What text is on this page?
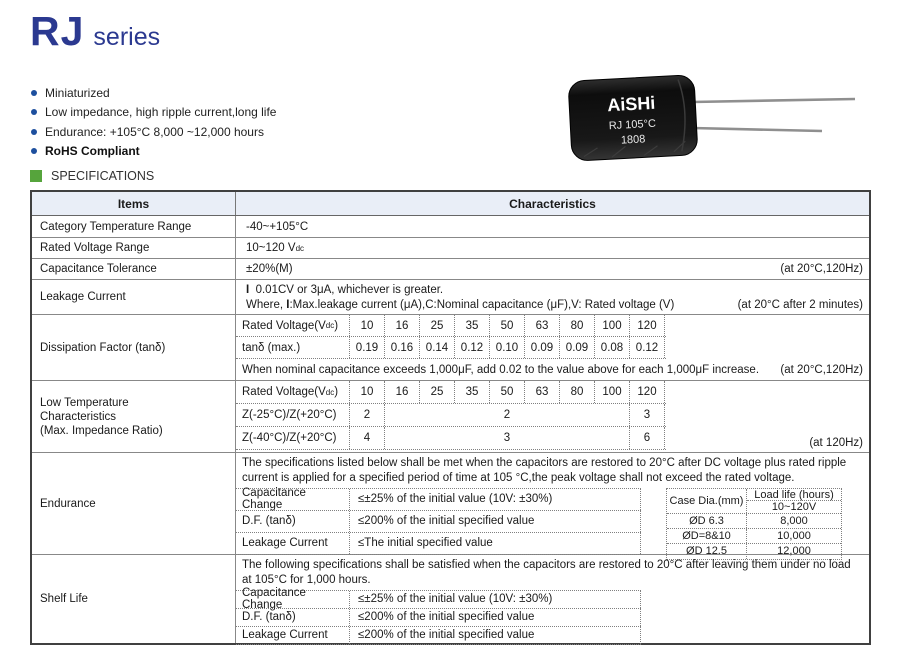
RJ series
Miniaturized
Low impedance, high ripple current,long life
Endurance: +105°C 8,000 ~12,000 hours
RoHS Compliant
AiSHi
RJ 105°C
1808
SPECIFICATIONS
Items	Characteristics
Category Temperature Range	-40~+105°C
Rated Voltage Range	10~120 V dc
Capacitance Tolerance	±20%(M)	(at 20°C,120Hz)
Leakage Current
I 0.01CV or 3μA, whichever is greater.
Where, I:Max.leakage current (μA),C:Nominal capacitance (μF),V: Rated voltage (V)	(at 20°C after 2 minutes)
Dissipation Factor (tanδ)
Rated Voltage(V dc )	10	16	25	35	50	63	80	100	120
tanδ (max.)	0.19	0.16	0.14	0.12	0.10	0.09	0.09	0.08	0.12
When nominal capacitance exceeds 1,000μF, add 0.02 to the value above for each 1,000μF increase. (at 20°C,120Hz)
Low Temperature
Characteristics
(Max. Impedance Ratio)
Rated Voltage(V dc )	10	16	25	35	50	63	80	100	120
Z(-25°C)/Z(+20°C)	2	2	3
Z(-40°C)/Z(+20°C)	4	3	6	(at 120Hz)
Endurance
The specifications listed below shall be met when the capacitors are restored to 20°C after DC voltage plus rated ripple current is applied for a specified period of time at 105 °C,the peak voltage shall not exceed the rated voltage.
Capacitance Change	≤±25% of the initial value (10V: ±30%)
D.F. (tanδ)	≤200% of the initial specified value
Leakage Current	≤The initial specified value
Case Dia.(mm) Load life (hours)
10~120V
ØD 6.3	8,000
ØD=8&10	10,000
ØD 12.5	12,000
Shelf Life
The following specifications shall be satisfied when the capacitors are restored to 20°C after leaving them under no load at 105°C for 1,000 hours.
Capacitance Change	≤±25% of the initial value (10V: ±30%)
D.F. (tanδ)	≤200% of the initial specified value
Leakage Current	≤200% of the initial specified value
